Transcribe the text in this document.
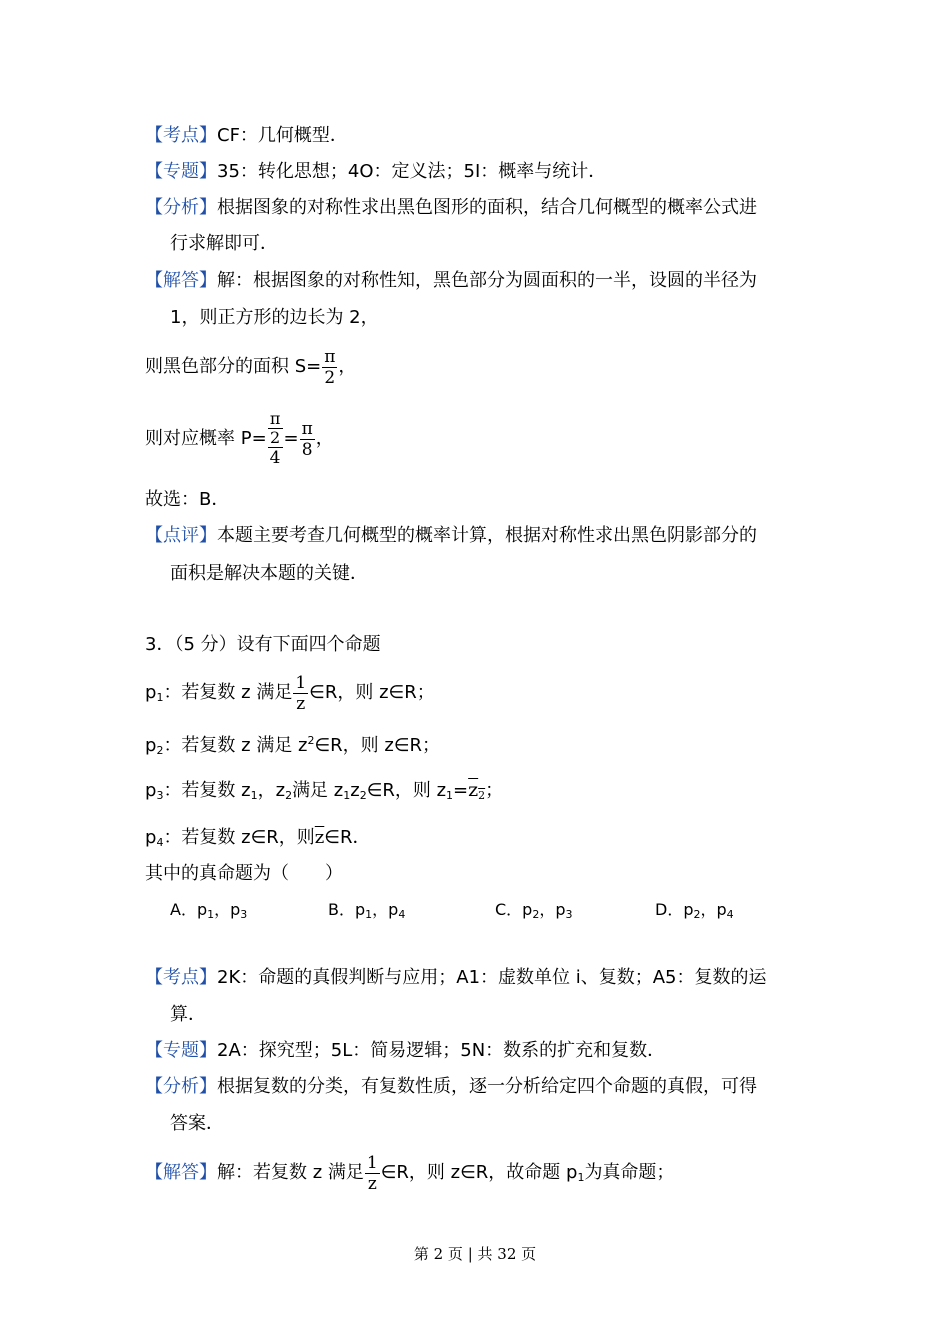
【考点】CF：几何概型．
【专题】35：转化思想；4O：定义法；5I：概率与统计．
【分析】根据图象的对称性求出黑色图形的面积，结合几何概型的概率公式进
行求解即可．
【解答】解：根据图象的对称性知，黑色部分为圆面积的一半，设圆的半径为
1，则正方形的边长为 2，
则黑色部分的面积 $S= \frac{\pi}{2}$ ，
则对应概率 P= π
2
$4 = \frac{\pi}{8}$ ，
故选：B．
【点评】本题主要考查几何概型的概率计算，根据对称性求出黑色阴影部分的
面积是解决本题的关键．
3．（5 分）设有下面四个命题
$p_1$：若复数 z 满足 $\frac{1}{z}$ ∈R，则 z∈R；
$p_2$：若复数 z 满足 $z^2\in R$，则 z∈R；
$p_3$：若复数 $z_1$，$z_2$满足 $z_1z_2\in R$，则 $z_1=z_2$；
$p_4$：若复数 z∈R，则$\overline{z}\in R$．
其中的真命题为（　　）
A．$p_1$，$p_3$	B．$p_1$，$p_4$	C．$p_2$，$p_3$	D．$p_2$，$p_4$
【考点】2K：命题的真假判断与应用；A1：虚数单位 i、复数；A5：复数的运
算．
【专题】2A：探究型；5L：简易逻辑；5N：数系的扩充和复数．
【分析】根据复数的分类，有复数性质，逐一分析给定四个命题的真假，可得
答案．
【解答】解：若复数 z 满足 $\frac{1}{z}$ ∈R，则 z∈R，故命题 $p_1$为真命题；
第 2 页 | 共 32 页
